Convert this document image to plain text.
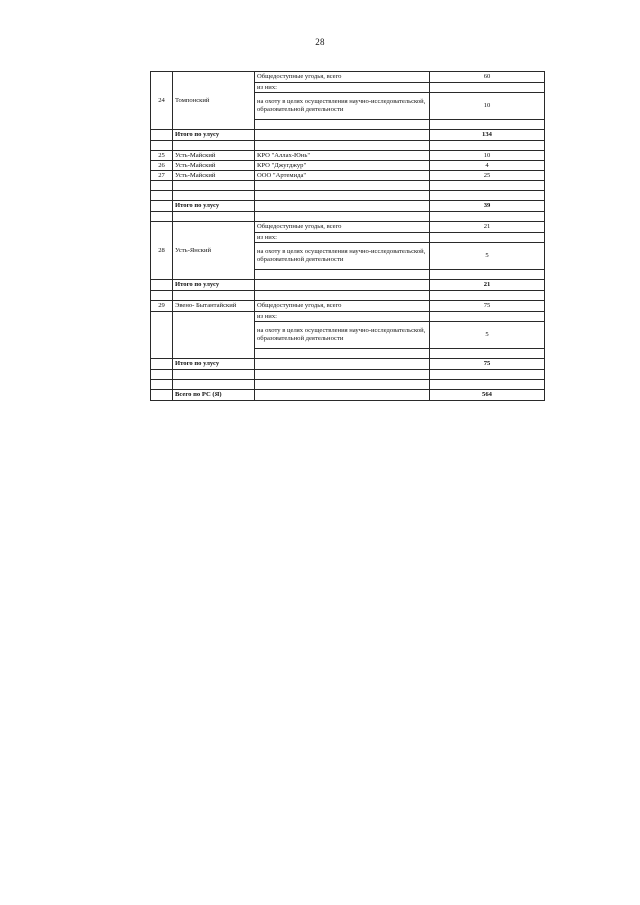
28
24	Томпонский	Общедоступные угодья, всего	60
		из них:	
		на охоту в целях осуществления научно-исследовательской, образовательной деятельности	10

	Итого по улусу		134

25	Усть-Майский	КРО "Аллах-Юнь"	10
26	Усть-Майский	КРО "Джугджур"	4
27	Усть-Майский	ООО "Артемида"	25

	Итого по улусу		39

28	Усть-Янский	Общедоступные угодья, всего	21
		из них:	
		на охоту в целях осуществления научно-исследовательской, образовательной деятельности	5

	Итого по улусу		21

29	Эвено- Бытантайский	Общедоступные угодья, всего	75
		из них:	
		на охоту в целях осуществления научно-исследовательской, образовательной деятельности	5

	Итого по улусу		75

	Всего по РС (Я)		564
